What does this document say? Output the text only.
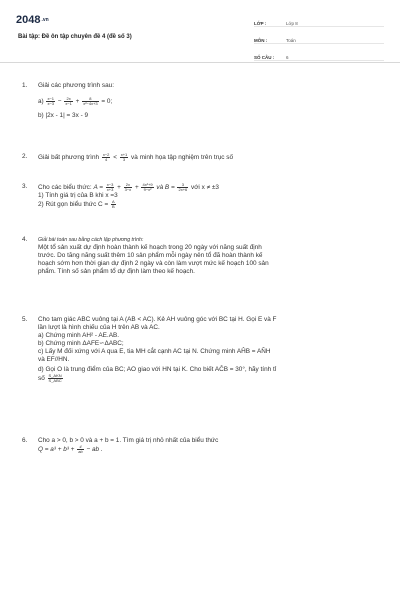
2048.vn
Bài tập: Đề ôn tập chuyên đề 4 (đề số 3)
LỚP :	Lớp 8
MÔN :	Toán
SỐ CÂU :	6
1. Giải các phương trình sau:
$a) \frac{x-1}{x-3} - \frac{2x}{x-1} + \frac{8}{\text{x²−4x+3}} = 0$;
b) |2x - 1| = 3x - 9
2. Giải bất phương trình $\frac{x-2}{4} < \frac{x+1}{3}$ và minh họa tập nghiệm trên trục số
3. Cho các biểu thức: $A = \frac{x-3}{x+3} + \frac{2x}{3-x} + \frac{\text{4x²+9}}{\text{9−x²}}$ và $B = \frac{3}{2x+6}$ với x ≠ ±3
1) Tính giá trị của B khi x =3
2) Rút gọn biểu thức $C = \frac{A}{B}$
4. Giải bài toán sau bằng cách lập phương trình:
Một tổ sản xuất dự định hoàn thành kế hoạch trong 20 ngày với năng suất định
trước. Do tăng năng suất thêm 10 sản phẩm mỗi ngày nên tổ đã hoàn thành kế
hoạch sớm hơn thời gian dự định 2 ngày và còn làm vượt mức kế hoạch 100 sản
phẩm. Tính số sản phẩm tổ dự định làm theo kế hoạch.
5. Cho tam giác ABC vuông tại A (AB < AC). Kẻ AH vuông góc với BC tại H. Gọi E và F
lần lượt là hình chiếu của H trên AB và AC.
a) Chứng minh AH² - AE.AB.
b) Chứng minh ΔAFE∽ΔABC;
c) Lấy M đối xứng với A qua E, tia MH cắt cạnh AC tại N. Chứng minh AĤB = AN̂H
và EF//HN.
d) Gọi O là trung điểm của BC; AO giao với HN tại K. Cho biết AĈB = 30°, hãy tính tỉ
số $\frac{\text{S\_AKN}}{\text{S\_ABC}}$
6. Cho a > 0, b > 0 và a + b = 1. Tìm giá trị nhỏ nhất của biểu thức
$Q = a^3 + b^3 + \frac{4}{ab}$ − ab .
